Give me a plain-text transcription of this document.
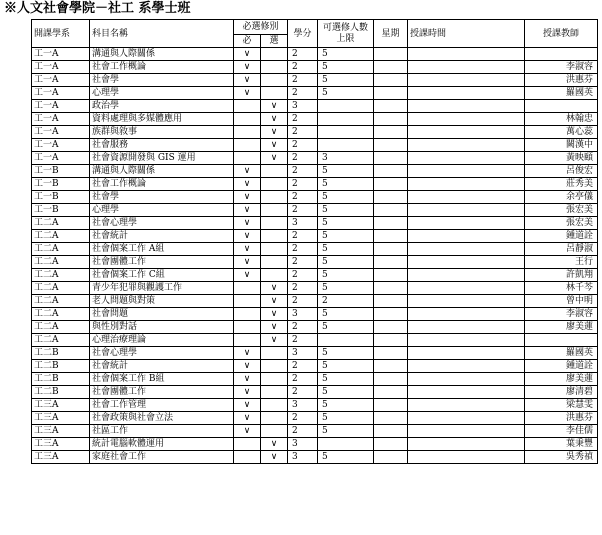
※人文社會學院－社工 系學士班
開課學系	科目名稱	必選修別		學分	可選修人數上限	星期	授課時間	授課教師
		必	選					
工一A	溝通與人際關係	∨		2	5			
工一A	社會工作概論	∨		2	5			李淑容
工一A	社會學	∨		2	5			洪惠芬
工一A	心理學	∨		2	5			羅國英
工一A	政治學		∨	3				
工一A	資料處理與多媒體應用		∨	2				林翰忠
工一A	族群與敘事		∨	2				萬心蕊
工一A	社會服務		∨	2				闕漢中
工一A	社會資源開發與 GIS 運用		∨	2	3			黃映頤
工一B	溝通與人際關係	∨		2	5			呂俊宏
工一B	社會工作概論	∨		2	5			莊秀美
工一B	社會學	∨		2	5			余亭儀
工一B	心理學	∨		2	5			張宏美
工二A	社會心理學	∨		3	5			張宏美
工二A	社會統計	∨		2	5			鍾道詮
工二A	社會個案工作 A組	∨		2	5			呂靜淑
工二A	社會團體工作	∨		2	5			王行
工二A	社會個案工作 C組	∨		2	5			許凱翔
工二A	青少年犯罪與觀護工作		∨	2	5			林千芩
工二A	老人問題與對策		∨	2	2			曾中明
工二A	社會問題		∨	3	5			李淑容
工二A	與性別對話		∨	2	5			廖美蓮
工二A	心理治療理論		∨	2				
工二B	社會心理學	∨		3	5			羅國英
工二B	社會統計	∨		2	5			鍾道詮
工二B	社會個案工作 B組	∨		2	5			廖美蓮
工二B	社會團體工作	∨		2	5			廖清碧
工三A	社會工作管理	∨		3	5			梁慧雯
工三A	社會政策與社會立法	∨		2	5			洪惠芬
工三A	社區工作	∨		2	5			李佳儒
工三A	統計電腦軟體運用		∨	3				葉秉豐
工三A	家庭社會工作		∨	3	5			吳秀禎
